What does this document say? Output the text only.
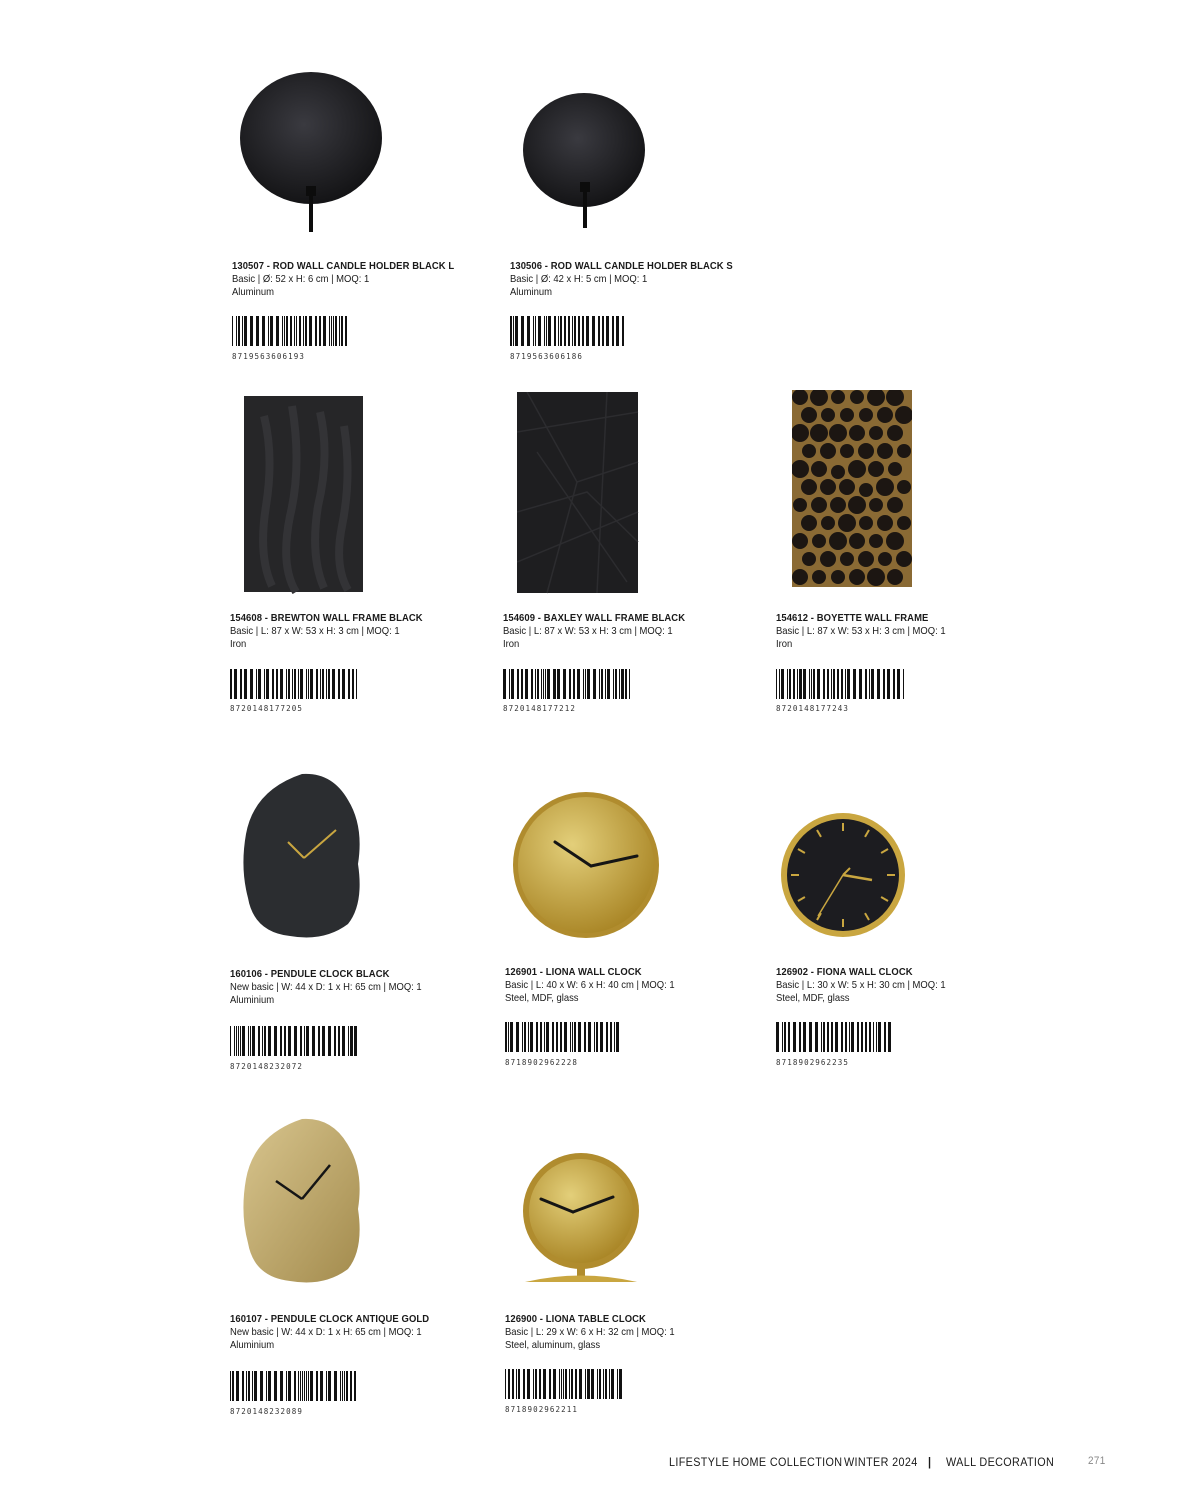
130507 - ROD WALL CANDLE HOLDER BLACK L
Basic | Ø: 52 x H: 6 cm | MOQ: 1
Aluminum
8719563606193
130506 - ROD WALL CANDLE HOLDER BLACK S
Basic | Ø: 42 x H: 5 cm | MOQ: 1
Aluminum
8719563606186
154608 - BREWTON WALL FRAME BLACK
Basic | L: 87 x W: 53 x H: 3 cm | MOQ: 1
Iron
8720148177205
154609 - BAXLEY WALL FRAME BLACK
Basic | L: 87 x W: 53 x H: 3 cm | MOQ: 1
Iron
8720148177212
154612 - BOYETTE WALL FRAME
Basic | L: 87 x W: 53 x H: 3 cm | MOQ: 1
Iron
8720148177243
160106 - PENDULE CLOCK BLACK
New basic | W: 44 x D: 1 x H: 65 cm | MOQ: 1
Aluminium
8720148232072
126901 - LIONA WALL CLOCK
Basic | L: 40 x W: 6 x H: 40 cm | MOQ: 1
Steel, MDF, glass
8718902962228
126902 - FIONA WALL CLOCK
Basic | L: 30 x W: 5 x H: 30 cm | MOQ: 1
Steel, MDF, glass
8718902962235
160107 - PENDULE CLOCK ANTIQUE GOLD
New basic | W: 44 x D: 1 x H: 65 cm | MOQ: 1
Aluminium
8720148232089
126900 - LIONA TABLE CLOCK
Basic | L: 29 x W: 6 x H: 32 cm | MOQ: 1
Steel, aluminum, glass
8718902962211
LIFESTYLE HOME COLLECTION WINTER 2024 | WALL DECORATION	271
